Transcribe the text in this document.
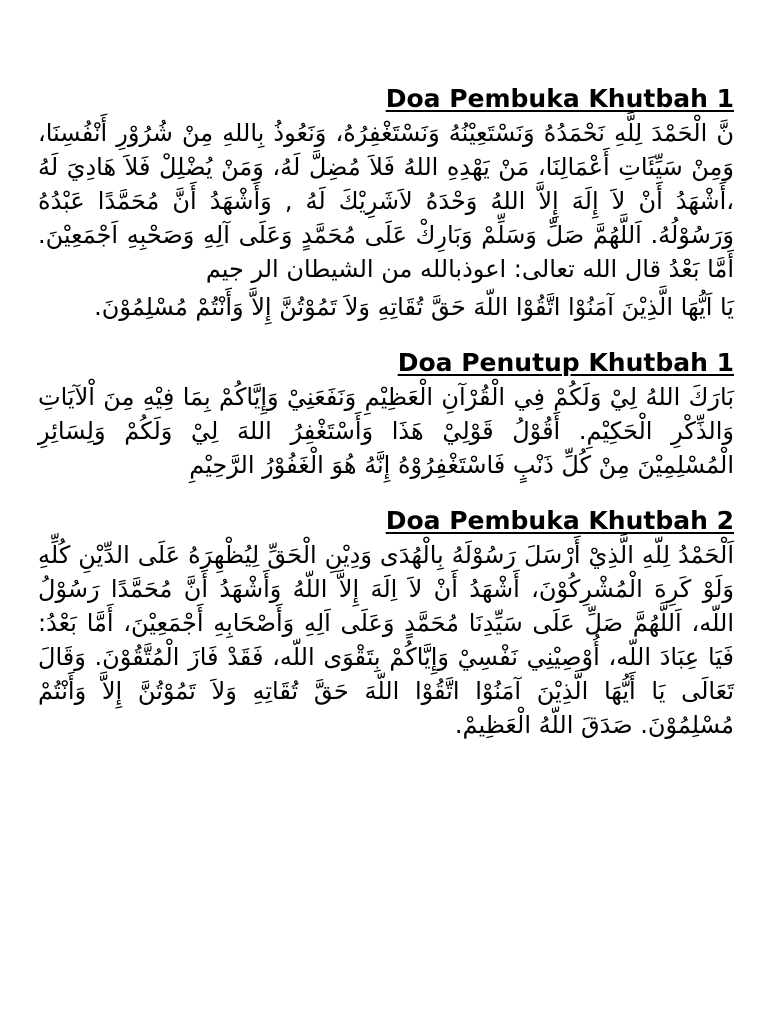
Doa Pembuka Khutbah 1

نَّ الْحَمْدَ لِلَّهِ نَحْمَدُهُ وَنَسْتَعِيْنُهُ وَنَسْتَغْفِرُهُ، وَنَعُوذُ بِاللهِ مِنْ شُرُوْرِ أَنْفُسِنَا، وَمِنْ سَيِّئَاتِ أَعْمَالِنَا، مَنْ يَهْدِهِ اللهُ فَلاَ مُضِلَّ لَهُ، وَمَنْ يُضْلِلْ فَلاَ هَادِيَ لَهُ ،أَشْهَدُ أَنْ لاَ إِلَهَ إِلاَّ اللهُ وَحْدَهُ لاَشَرِيْكَ لَهُ , وَأَشْهَدُ أَنَّ مُحَمَّدًا عَبْدُهُ وَرَسُوْلُهُ. اَللَّهُمَّ صَلِّ وَسَلِّمْ وَبَارِكْ عَلَى مُحَمَّدٍ وَعَلَى آلِهِ وَصَحْبِهِ اَجْمَعِيْنَ. أَمَّا بَعْدُ قال الله تعالى: اعوذبالله من الشيطان الر جيم

يَا اَيُّهَا الَّذِيْنَ آمَنُوْا اتَّقُوْا اللّهَ حَقَّ تُقَاتِهِ وَلاَ تَمُوْتُنَّ إِلاَّ وَأَنْتُمْ مُسْلِمُوْنَ.

Doa Penutup Khutbah 1

بَارَكَ اللهُ لِيْ وَلَكُمْ فِي الْقُرْآنِ الْعَظِيْمِ وَنَفَعَنِيْ وَإِيَّاكُمْ بِمَا فِيْهِ مِنَ اْلآيَاتِ وَالذِّكْرِ الْحَكِيْمِ. أَقُوْلُ قَوْلِيْ هَذَا وَأَسْتَغْفِرُ اللهَ لِيْ وَلَكُمْ وَلِسَائِرِ الْمُسْلِمِيْنَ مِنْ كُلِّ ذَنْبٍ فَاسْتَغْفِرُوْهُ إِنَّهُ هُوَ الْغَفُوْرُ الرَّحِيْمِ

Doa Pembuka Khutbah 2

اَلْحَمْدُ لِلّهِ الَّذِيْ أَرْسَلَ رَسُوْلَهُ بِالْهُدَى وَدِيْنِ الْحَقِّ لِيُظْهِرَهُ عَلَى الدِّيْنِ كُلِّهِ وَلَوْ كَرِهَ الْمُشْرِكُوْنَ، أَشْهَدُ أَنْ لاَ اِلَهَ إِلاَّ اللّهُ وَأَشْهَدُ أَنَّ مُحَمَّدًا رَسُوْلُ اللّه، اَللَّهُمَّ صَلِّ عَلَى سَيِّدِنَا مُحَمَّدٍ وَعَلَى اَلِهِ وَأَصْحَابِهِ أَجْمَعِيْنَ، أَمَّا بَعْدُ: فَيَا عِبَادَ اللّه، أُوْصِيْنِي نَفْسِيْ وَإِيَّاكُمْ بِتَقْوَى اللّه، فَقَدْ فَازَ الْمُتَّقُوْنَ. وَقَالَ تَعَالَى يَا أَيُّهَا الَّذِيْنَ آمَنُوْا اتَّقُوْا اللّهَ حَقَّ تُقَاتِهِ وَلاَ تَمُوْتُنَّ إِلاَّ وَأَنْتُمْ مُسْلِمُوْنَ. صَدَقَ اللّهُ الْعَظِيمْ.
